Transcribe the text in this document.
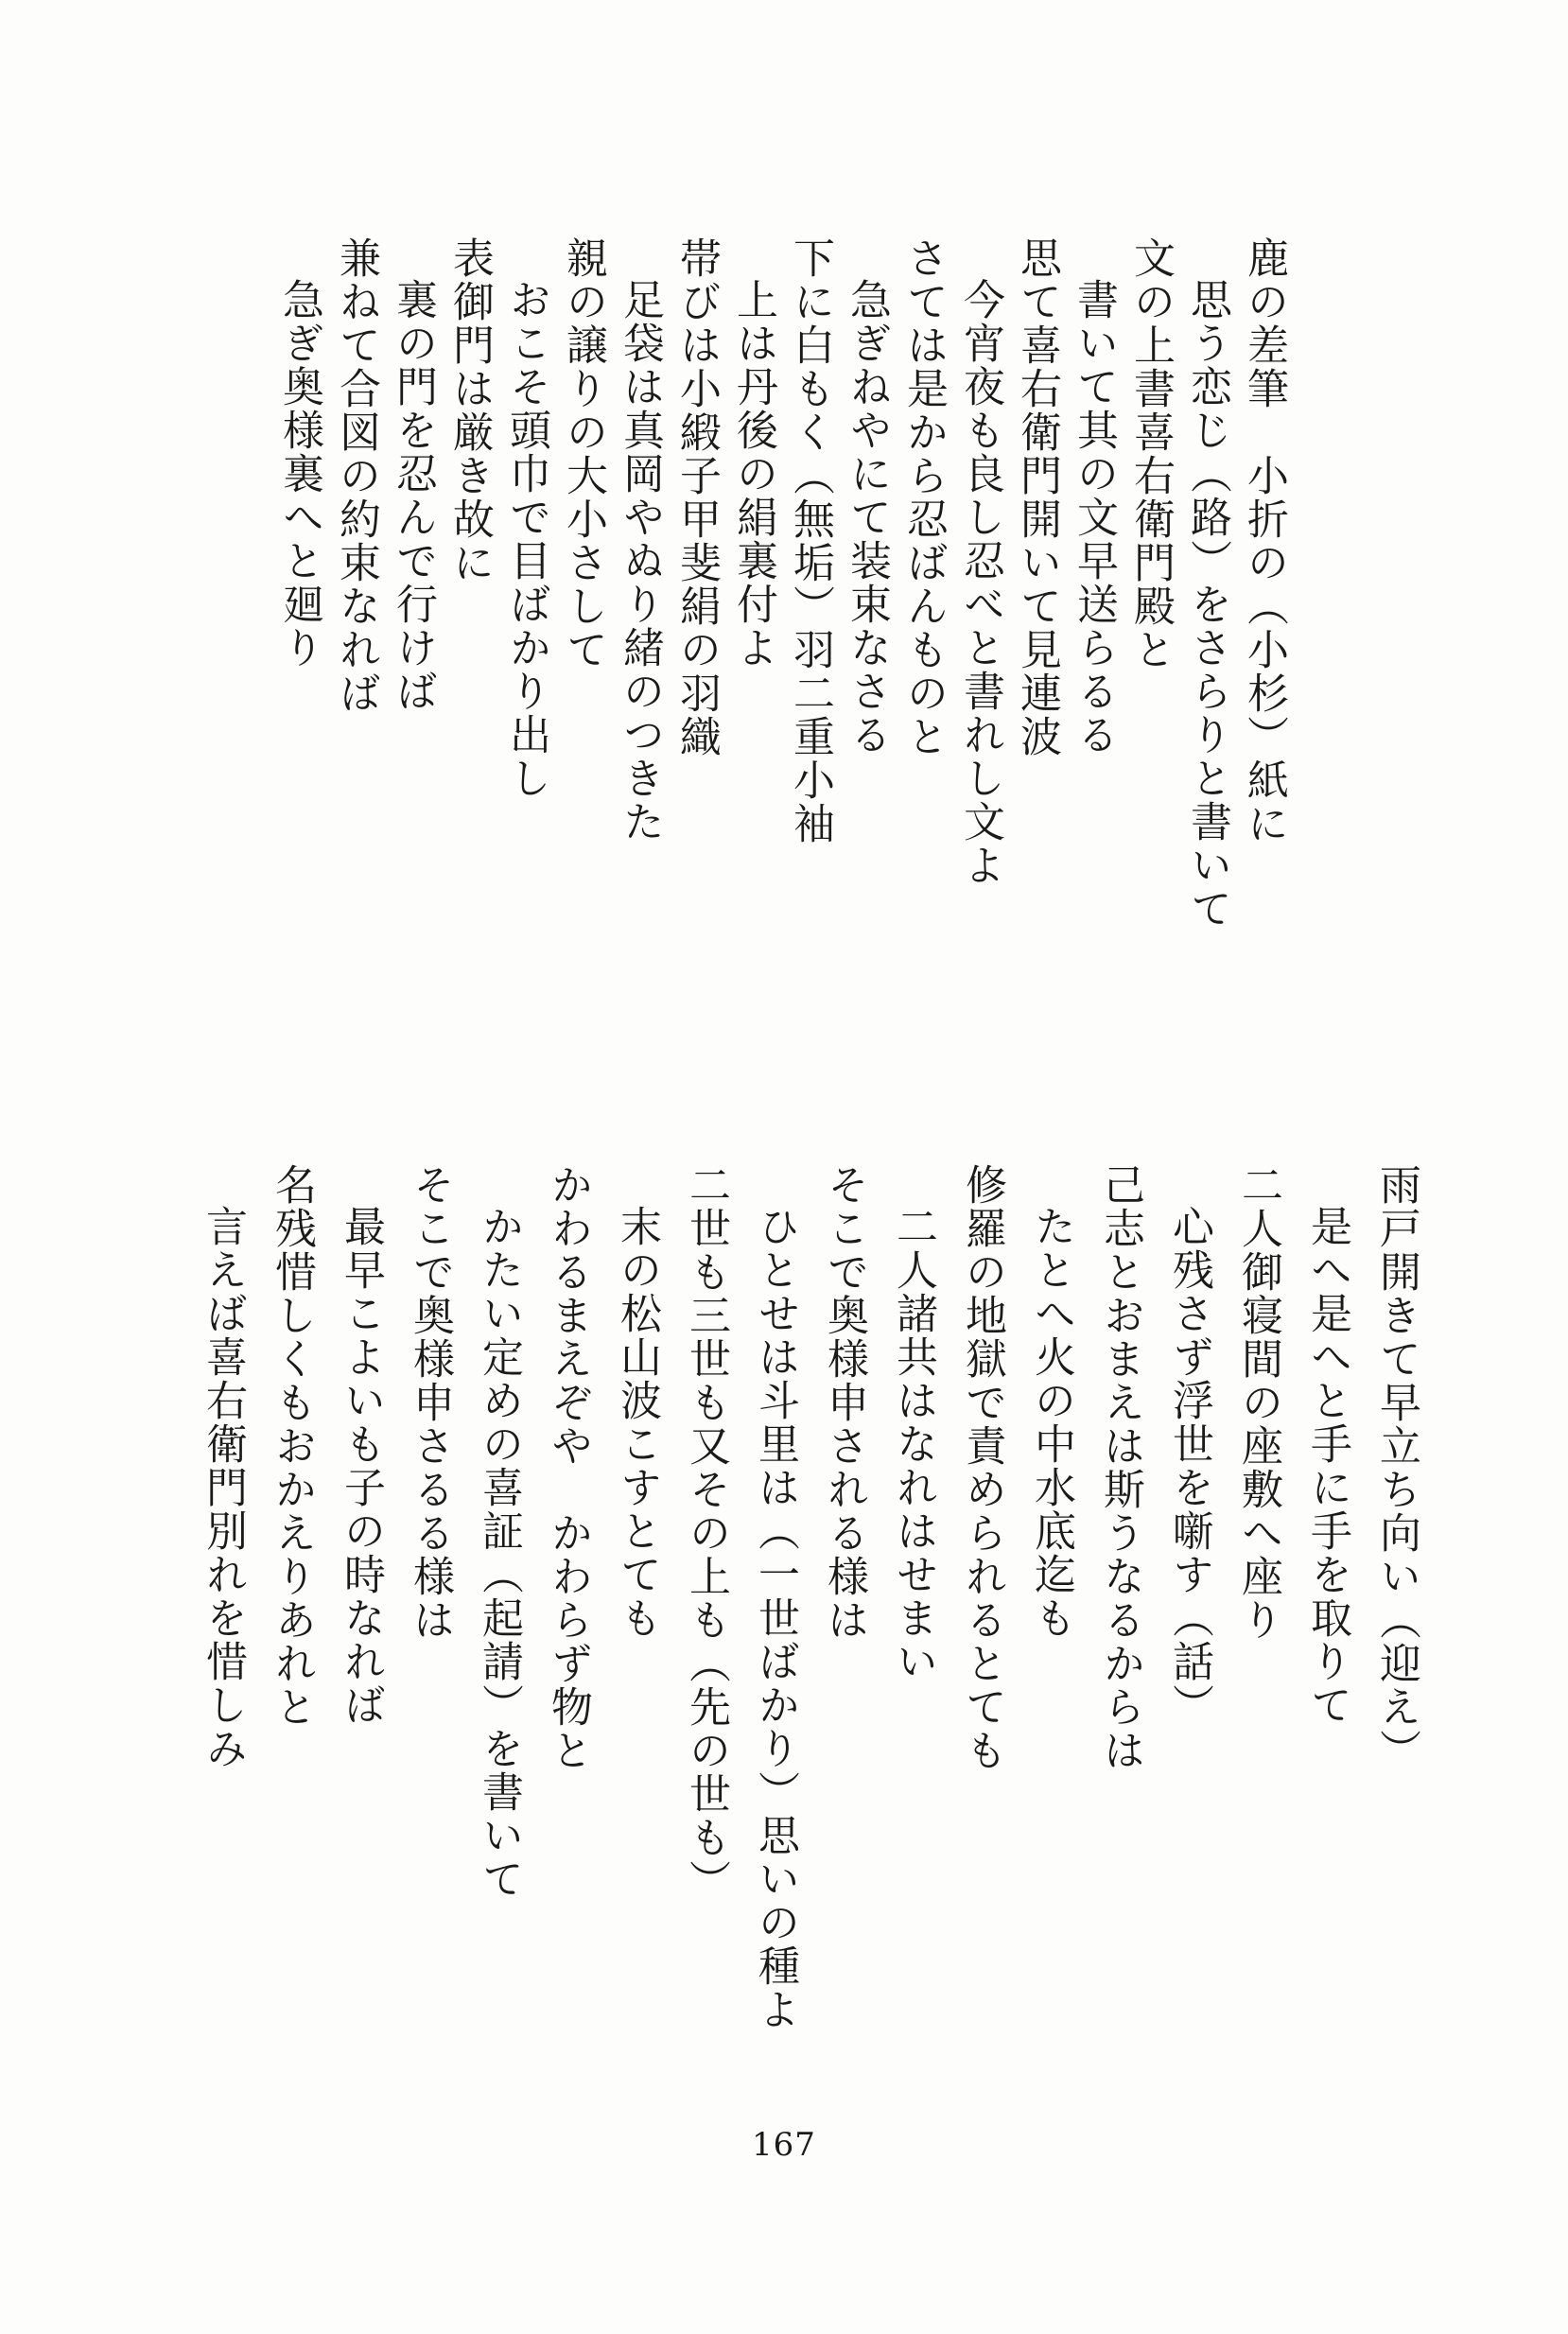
鹿の差筆　小折の（小杉）紙に
思う恋じ（路）をさらりと書いて
文の上書喜右衛門殿と
書いて其の文早送らるる
思て喜右衛門開いて見連波
今宵夜も良し忍べと書れし文よ
さては是から忍ばんものと
急ぎねやにて装束なさる
下に白もく（無垢）羽二重小袖
上は丹後の絹裏付よ
帯びは小緞子甲斐絹の羽織
足袋は真岡やぬり緒のつきた
親の譲りの大小さして
おこそ頭巾で目ばかり出し
表御門は厳き故に
裏の門を忍んで行けば
兼ねて合図の約束なれば
急ぎ奥様裏へと廻り
雨戸開きて早立ち向い（迎え）
是へ是へと手に手を取りて
二人御寝間の座敷へ座り
心残さず浮世を噺す（話）
己志とおまえは斯うなるからは
たとへ火の中水底迄も
修羅の地獄で責められるとても
二人諸共はなれはせまい
そこで奥様申される様は
ひとせは斗里は（一世ばかり）思いの種よ
二世も三世も又その上も（先の世も）
末の松山波こすとても
かわるまえぞや　かわらず物と
かたい定めの喜証（起請）を書いて
そこで奥様申さるる様は
最早こよいも子の時なれば
名残惜しくもおかえりあれと
言えば喜右衛門別れを惜しみ
167
